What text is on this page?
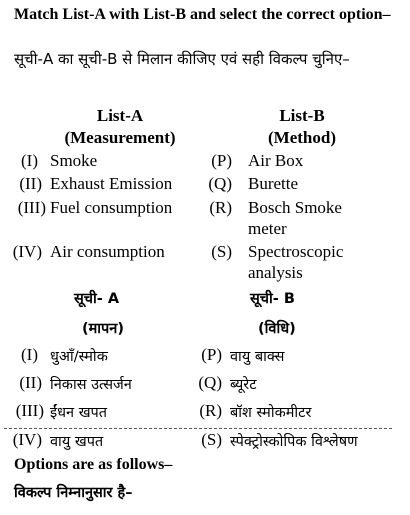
Match List-A with List-B and select the correct option–
सूची-A का सूची-B से मिलान कीजिए एवं सही विकल्प चुनिए–
List-A
(Measurement)
List-B
(Method)
(I) Smoke
(II) Exhaust Emission
(III) Fuel consumption
(IV) Air consumption
(P) Air Box
(Q) Burette
(R) Bosch Smoke
meter
(S) Spectroscopic
analysis
सूची- A
(मापन)
सूची- B
(विधि)
(I) धुआँ/स्मोक
(II) निकास उत्सर्जन
(III) ईंधन खपत
(IV) वायु खपत
(P) वायु बाक्स
(Q) ब्यूरेट
(R) बॉश स्मोकमीटर
(S) स्पेक्ट्रोस्कोपिक विश्लेषण
Options are as follows–
विकल्प निम्नानुसार है–
